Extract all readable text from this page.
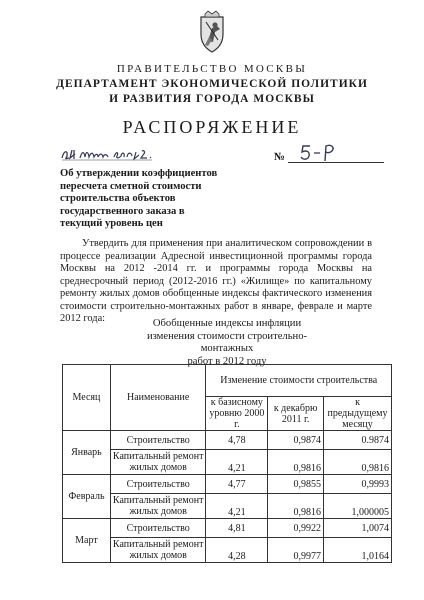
ПРАВИТЕЛЬСТВО МОСКВЫ
ДЕПАРТАМЕНТ ЭКОНОМИЧЕСКОЙ ПОЛИТИКИ
И РАЗВИТИЯ ГОРОДА МОСКВЫ
РАСПОРЯЖЕНИЕ
№
Об утверждении коэффициентов пересчета сметной стоимости строительства объектов государственного заказа в текущий уровень цен
Утвердить для применения при аналитическом сопровождении в процессе реализации Адресной инвестиционной программы города Москвы на 2012 -2014 гг. и программы города Москвы на среднесрочный период (2012-2016 гг.) «Жилище» по капитальному ремонту жилых домов обобщенные индексы фактического изменения стоимости строительно-монтажных работ в январе, феврале и марте 2012 года:	Обобщенные индексы инфляции
изменения стоимости строительно-монтажных
работ в 2012 году
Месяц	Наименование	Изменение стоимости строительства		
		к базисному уровню 2000 г.	к декабрю 2011 г.	к предыдущему месяцу
Январь	Строительство	4,78	0,9874	0.9874
	Капитальный ремонт жилых домов	4,21	0,9816	0,9816
Февраль	Строительство	4,77	0,9855	0,9993
	Капитальный ремонт жилых домов	4,21	0,9816	1,000005
Март	Строительство	4,81	0,9922	1,0074
	Капитальный ремонт жилых домов	4,28	0,9977	1,0164
